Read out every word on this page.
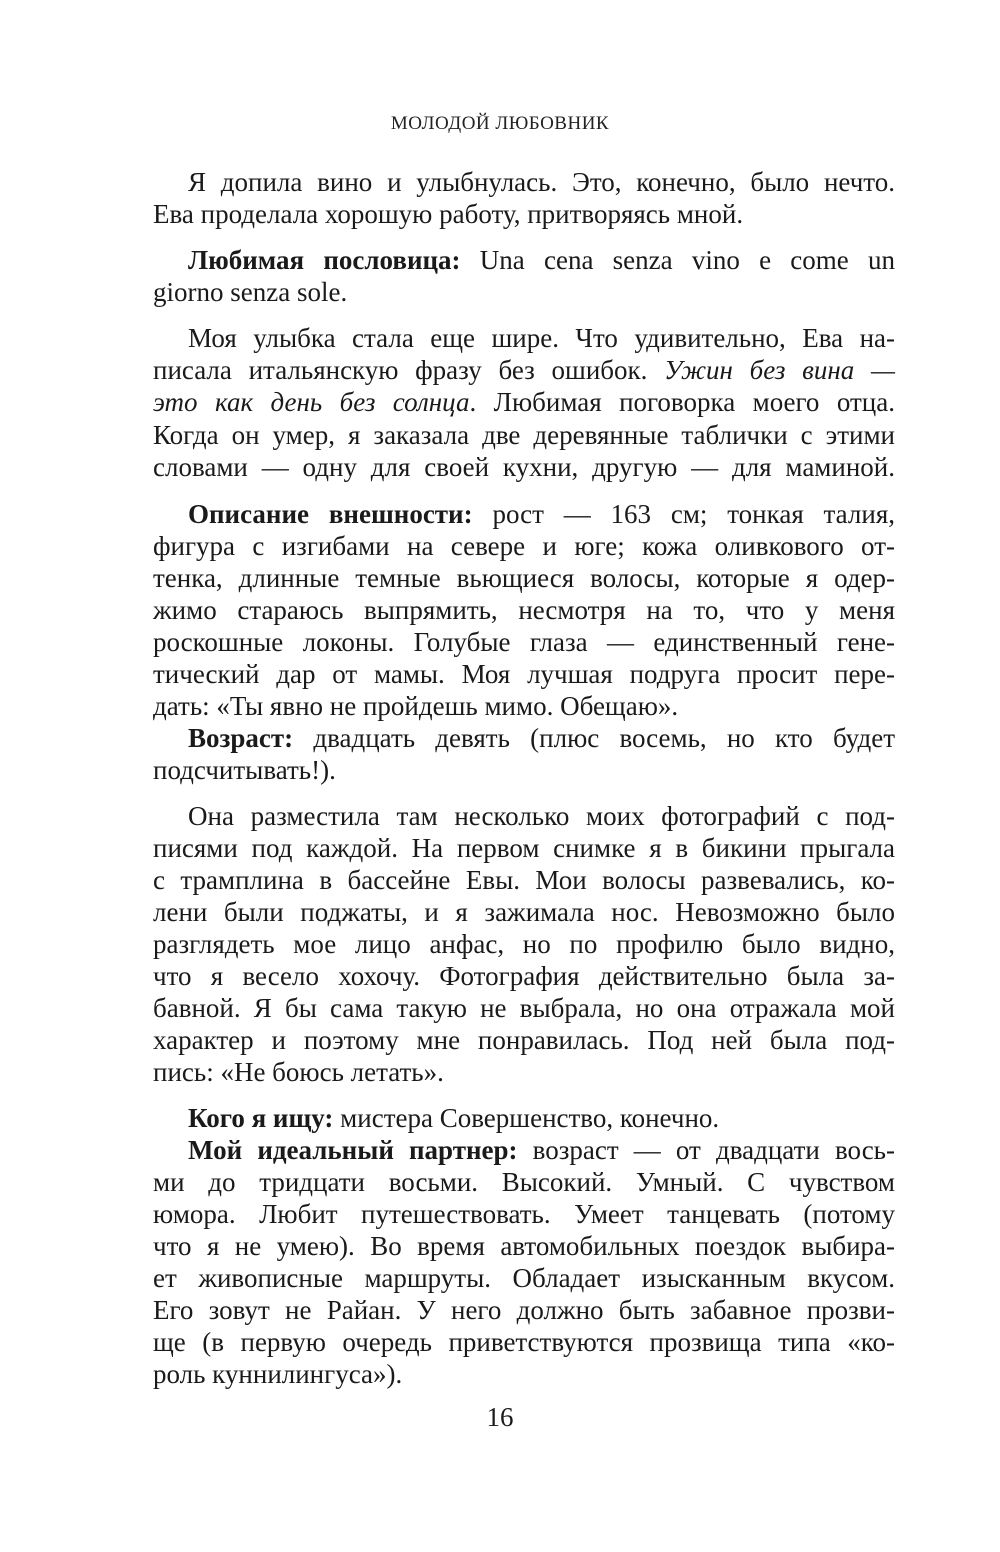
МОЛОДОЙ ЛЮБОВНИК
Я допила вино и улыбнулась. Это, конечно, было нечто.
Ева проделала хорошую работу, притворяясь мной.
Любимая пословица: Una cena senza vino e come un
giorno senza sole.
Моя улыбка стала еще шире. Что удивительно, Ева на-
писала итальянскую фразу без ошибок. Ужин без вина —
это как день без солнца. Любимая поговорка моего отца.
Когда он умер, я заказала две деревянные таблички с этими
словами — одну для своей кухни, другую — для маминой.
Описание внешности: рост — 163 см; тонкая талия,
фигура с изгибами на севере и юге; кожа оливкового от-
тенка, длинные темные вьющиеся волосы, которые я одер-
жимо стараюсь выпрямить, несмотря на то, что у меня
роскошные локоны. Голубые глаза — единственный гене-
тический дар от мамы. Моя лучшая подруга просит пере-
дать: «Ты явно не пройдешь мимо. Обещаю».
Возраст: двадцать девять (плюс восемь, но кто будет
подсчитывать!).
Она разместила там несколько моих фотографий с под-
писями под каждой. На первом снимке я в бикини прыгала
с трамплина в бассейне Евы. Мои волосы развевались, ко-
лени были поджаты, и я зажимала нос. Невозможно было
разглядеть мое лицо анфас, но по профилю было видно,
что я весело хохочу. Фотография действительно была за-
бавной. Я бы сама такую не выбрала, но она отражала мой
характер и поэтому мне понравилась. Под ней была под-
пись: «Не боюсь летать».
Кого я ищу: мистера Совершенство, конечно.
Мой идеальный партнер: возраст — от двадцати вось-
ми до тридцати восьми. Высокий. Умный. С чувством
юмора. Любит путешествовать. Умеет танцевать (потому
что я не умею). Во время автомобильных поездок выбира-
ет живописные маршруты. Обладает изысканным вкусом.
Его зовут не Райан. У него должно быть забавное прозви-
ще (в первую очередь приветствуются прозвища типа «ко-
роль куннилингуса»).
16
